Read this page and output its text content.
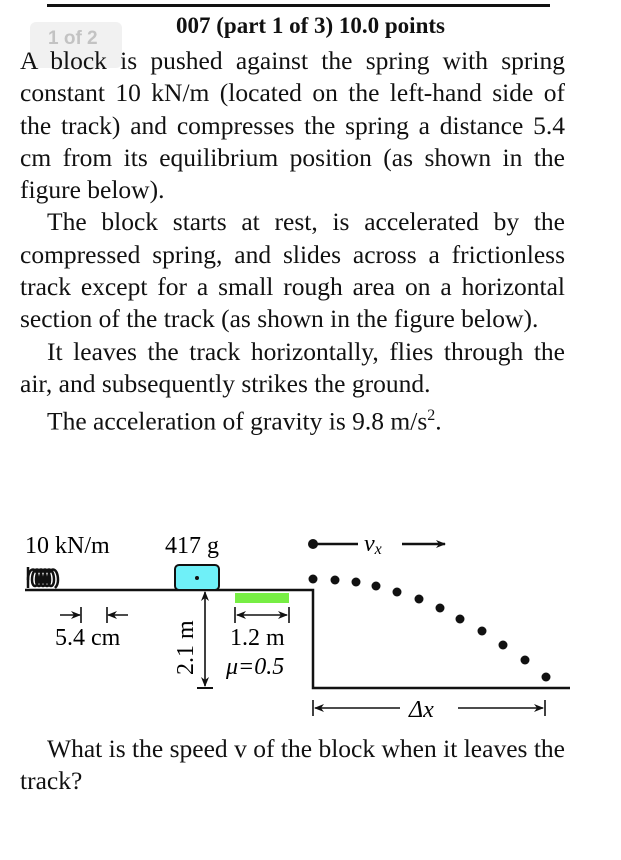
007 (part 1 of 3) 10.0 points
1 of 2

A block is pushed against the spring with spring constant 10 kN/m (located on the left-hand side of the track) and compresses the spring a distance 5.4 cm from its equilibrium position (as shown in the figure below).

The block starts at rest, is accelerated by the compressed spring, and slides across a frictionless track except for a small rough area on a horizontal section of the track (as shown in the figure below).

It leaves the track horizontally, flies through the air, and subsequently strikes the ground.

The acceleration of gravity is 9.8 $m/s^2$.

10 kN/m 417 g
5.4 cm 2.1 m 1.2 m
μ=0.5
vx
Δx
What is the speed v of the block when it leaves the track?
